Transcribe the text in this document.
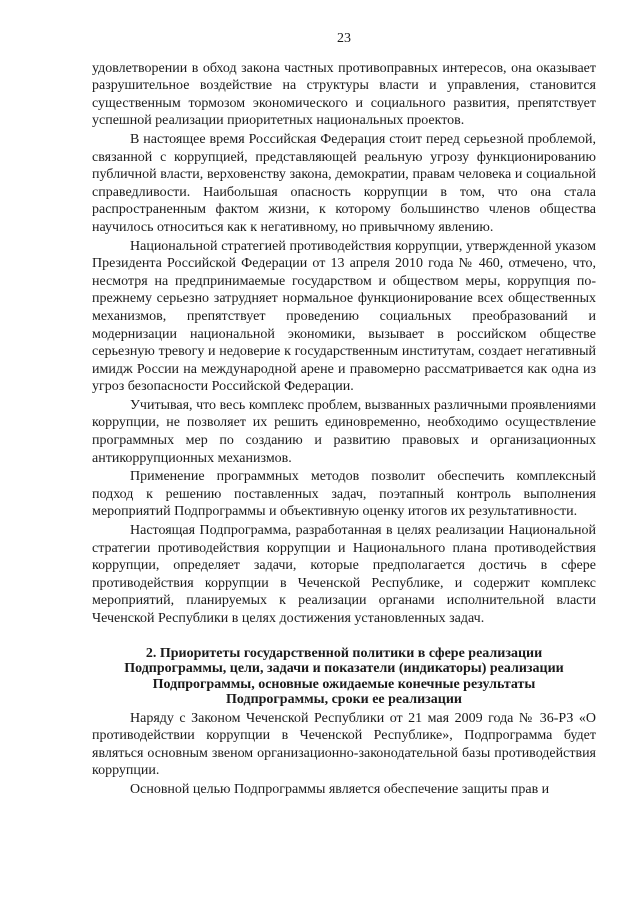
23

удовлетворении в обход закона частных противоправных интересов, она оказывает разрушительное воздействие на структуры власти и управления, становится существенным тормозом экономического и социального развития, препятствует успешной реализации приоритетных национальных проектов.

В настоящее время Российская Федерация стоит перед серьезной проблемой, связанной с коррупцией, представляющей реальную угрозу функционированию публичной власти, верховенству закона, демократии, правам человека и социальной справедливости. Наибольшая опасность коррупции в том, что она стала распространенным фактом жизни, к которому большинство членов общества научилось относиться как к негативному, но привычному явлению.

Национальной стратегией противодействия коррупции, утвержденной указом Президента Российской Федерации от 13 апреля 2010 года № 460, отмечено, что, несмотря на предпринимаемые государством и обществом меры, коррупция по-прежнему серьезно затрудняет нормальное функционирование всех общественных механизмов, препятствует проведению социальных преобразований и модернизации национальной экономики, вызывает в российском обществе серьезную тревогу и недоверие к государственным институтам, создает негативный имидж России на международной арене и правомерно рассматривается как одна из угроз безопасности Российской Федерации.

Учитывая, что весь комплекс проблем, вызванных различными проявлениями коррупции, не позволяет их решить единовременно, необходимо осуществление программных мер по созданию и развитию правовых и организационных антикоррупционных механизмов.

Применение программных методов позволит обеспечить комплексный подход к решению поставленных задач, поэтапный контроль выполнения мероприятий Подпрограммы и объективную оценку итогов их результативности.

Настоящая Подпрограмма, разработанная в целях реализации Национальной стратегии противодействия коррупции и Национального плана противодействия коррупции, определяет задачи, которые предполагается достичь в сфере противодействия коррупции в Чеченской Республике, и содержит комплекс мероприятий, планируемых к реализации органами исполнительной власти Чеченской Республики в целях достижения установленных задач.

2. Приоритеты государственной политики в сфере реализации
Подпрограммы, цели, задачи и показатели (индикаторы) реализации
Подпрограммы, основные ожидаемые конечные результаты
Подпрограммы, сроки ее реализации

Наряду с Законом Чеченской Республики от 21 мая 2009 года № 36-РЗ «О противодействии коррупции в Чеченской Республике», Подпрограмма будет являться основным звеном организационно-законодательной базы противодействия коррупции.

Основной целью Подпрограммы является обеспечение защиты прав и
